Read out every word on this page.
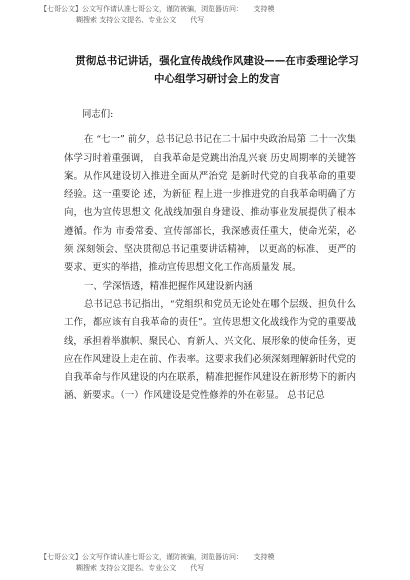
【七哥公文】公文写作请认准七哥公文，谨防被骗，浏览器访问：　　支持模
糊搜索 支持公文提名、专业公文　　代写
贯彻总书记讲话，强化宣传战线作风建设——在市委理论学习中心组学习研讨会上的发言

同志们:

在 “七一” 前夕，总书记总书记在二十届中央政治局第 二十一次集体学习时着重强调， 自我革命是党跳出治乱兴衰 历史周期率的关键答案。从作风建设切入推进全面从严治党 是新时代党的自我革命的重要经验。这一重要论 述，为新征 程上进一步推进党的自我革命明确了方向，也为宣传思想文 化战线加强自身建设、推动事业发展提供了根本遵循。作为 市委常委、宣传部部长，我深感责任重大，使命光荣，必须 深刻领会、坚决贯彻总书记重要讲话精神， 以更高的标准、 更严的要求、更实的举措，推动宣传思想文化工作高质量发 展。

一、学深悟透，精准把握作风建设新内涵

总书记总书记指出，“党组织和党员无论处在哪个层级、担负什么工作，都应该有自我革命的责任”。宣传思想文化战线作为党的重要战线，承担着举旗帜、聚民心、育新人、兴文化、展形象的使命任务，更应在作风建设上走在前、作表率。这要求我们必须深刻理解新时代党的自我革命与作风建设的内在联系，精准把握作风建设在新形势下的新内涵、新要求。（一）作风建设是党性修养的外在彰显。 总书记总

【七哥公文】公文写作请认准七哥公文，谨防被骗，浏览器访问：　　支持模
糊搜索 支持公文提名、专业公文　　代写
